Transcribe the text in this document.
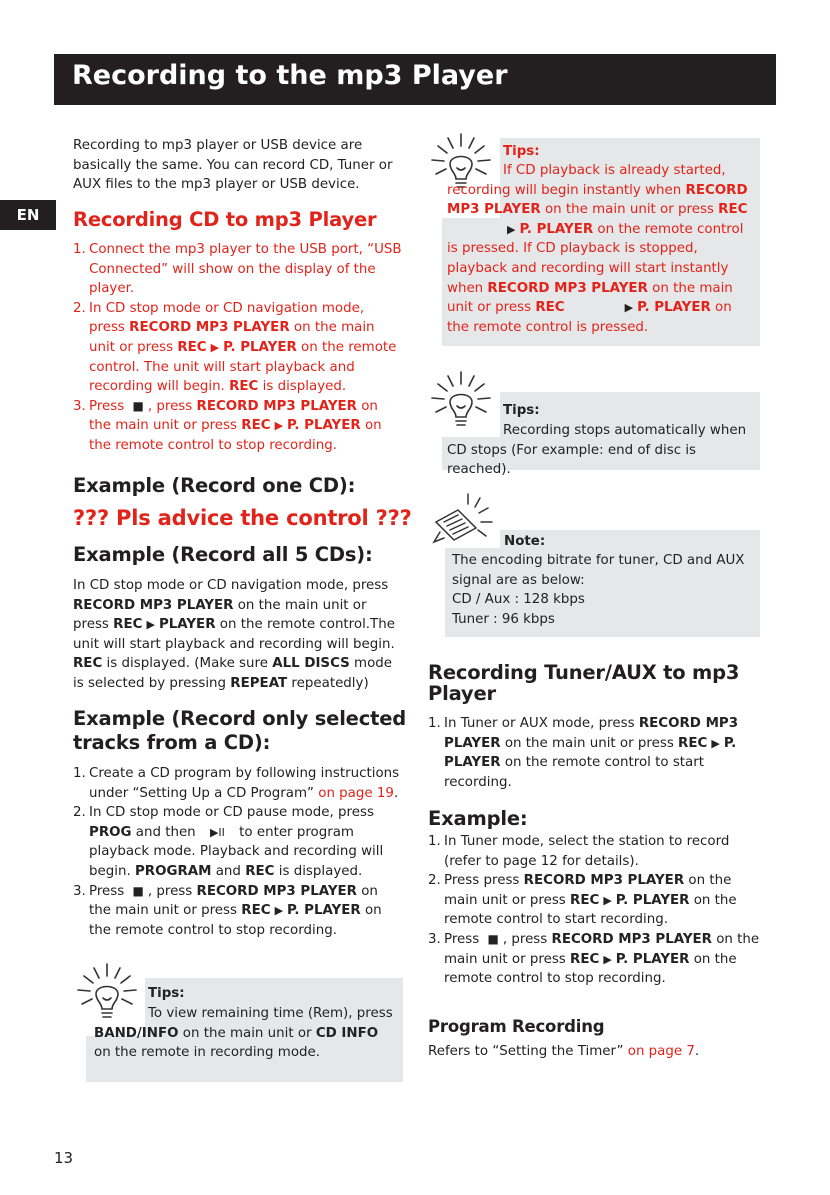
Recording to the mp3 Player
EN
Recording to mp3 player or USB device are basically the same. You can record CD, Tuner or AUX files to the mp3 player or USB device.
Recording CD to mp3 Player
1. Connect the mp3 player to the USB port, “USB Connected” will show on the display of the player.
2. In CD stop mode or CD navigation mode, press RECORD MP3 PLAYER on the main unit or press REC ▶ P. PLAYER on the remote control. The unit will start playback and recording will begin. REC is displayed.
3. Press ■ , press RECORD MP3 PLAYER on the main unit or press REC ▶ P. PLAYER on the remote control to stop recording.
Example (Record one CD):
??? Pls advice the control ???
Example (Record all 5 CDs):
In CD stop mode or CD navigation mode, press RECORD MP3 PLAYER on the main unit or press REC ▶ PLAYER on the remote control.The unit will start playback and recording will begin. REC is displayed. (Make sure ALL DISCS mode is selected by pressing REPEAT repeatedly)
Example (Record only selected
tracks from a CD):
1. Create a CD program by following instructions under “Setting Up a CD Program” on page 19.
2. In CD stop mode or CD pause mode, press PROG and then ▶II to enter program playback mode. Playback and recording will begin. PROGRAM and REC is displayed.
3. Press ■ , press RECORD MP3 PLAYER on the main unit or press REC ▶ P. PLAYER on the remote control to stop recording.
Tips:
To view remaining time (Rem), press BAND/INFO on the main unit or CD INFO on the remote in recording mode.
Tips:
If CD playback is already started, recording will begin instantly when RECORD MP3 PLAYER on the main unit or press REC▶ P. PLAYER on the remote control is pressed. If CD playback is stopped, playback and recording will start instantly when RECORD MP3 PLAYER on the main unit or press REC	▶ P. PLAYER on the remote control is pressed.
Tips:
Recording stops automatically when CD stops (For example: end of disc is reached).
Note:
The encoding bitrate for tuner, CD and AUX signal are as below:
CD / Aux : 128 kbps
Tuner : 96 kbps
Recording Tuner/AUX to mp3
Player
1. In Tuner or AUX mode, press RECORD MP3 PLAYER on the main unit or press REC ▶ P. PLAYER on the remote control to start recording.
Example:
1. In Tuner mode, select the station to record (refer to page 12 for details).
2. Press press RECORD MP3 PLAYER on the main unit or press REC ▶ P. PLAYER on the remote control to start recording.
3. Press ■ , press RECORD MP3 PLAYER on the main unit or press REC ▶ P. PLAYER on the remote control to stop recording.
Program Recording
Refers to “Setting the Timer” on page 7.
13
